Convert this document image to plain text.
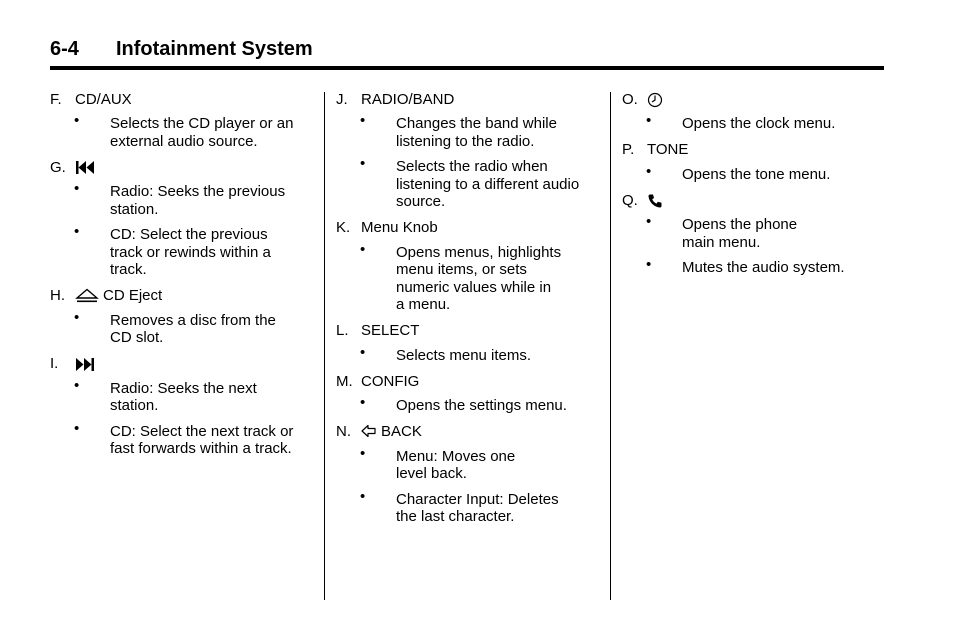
6-4 Infotainment System
F. CD/AUX
• Selects the CD player or an
external audio source.
G.
• Radio: Seeks the previous
station.
• CD: Select the previous
track or rewinds within a
track.
H.	CD Eject
• Removes a disc from the
CD slot.
I.
• Radio: Seeks the next
station.
• CD: Select the next track or
fast forwards within a track.
J. RADIO/BAND
• Changes the band while
listening to the radio.
• Selects the radio when
listening to a different audio
source.
K. Menu Knob
• Opens menus, highlights
menu items, or sets
numeric values while in
a menu.
L. SELECT
• Selects menu items.
M. CONFIG
• Opens the settings menu.
N.	BACK
• Menu: Moves one
level back.
• Character Input: Deletes
the last character.
O.
• Opens the clock menu.
P. TONE
• Opens the tone menu.
Q.
• Opens the phone
main menu.
• Mutes the audio system.
